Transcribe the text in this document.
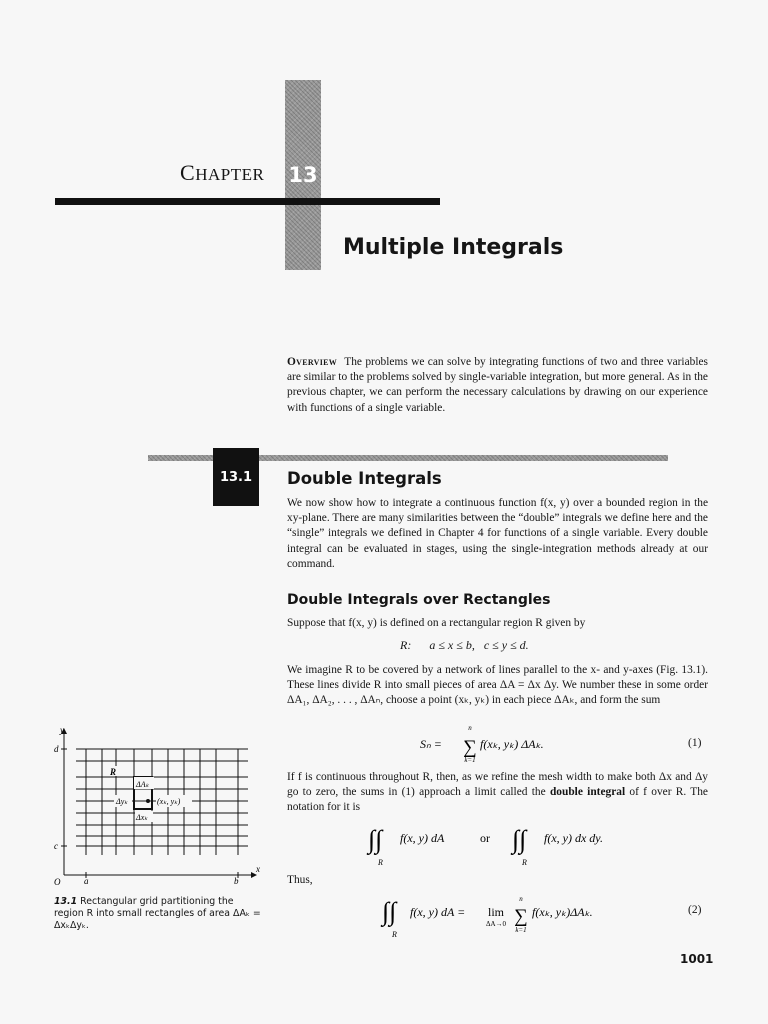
CHAPTER 13
Multiple Integrals
Overview The problems we can solve by integrating functions of two and three variables are similar to the problems solved by single-variable integration, but more general. As in the previous chapter, we can perform the necessary calculations by drawing on our experience with functions of a single variable.
13.1	Double Integrals
We now show how to integrate a continuous function f(x, y) over a bounded region in the xy-plane. There are many similarities between the “double” integrals we define here and the “single” integrals we defined in Chapter 4 for functions of a single variable. Every double integral can be evaluated in stages, using the single-integration methods already at our command.
Double Integrals over Rectangles
Suppose that f(x, y) is defined on a rectangular region R given by
R:      a ≤ x ≤ b,   c ≤ y ≤ d.
We imagine R to be covered by a network of lines parallel to the x- and y-axes (Fig. 13.1). These lines divide R into small pieces of area ΔA = Δx Δy. We number these in some order ΔA₁, ΔA₂, . . . , ΔAₙ, choose a point (xₖ, yₖ) in each piece ΔAₖ, and form the sum
Sₙ =
n
∑
k=1
f(xₖ, yₖ) ΔAₖ.	(1)
If f is continuous throughout R, then, as we refine the mesh width to make both Δx and Δy go to zero, the sums in (1) approach a limit called the double integral of f over R. The notation for it is
∫∫
R
f(x, y) dA	or ∫∫
R
f(x, y) dx dy.
Thus,
∫∫
R
f(x, y) dA = lim
ΔA→0
n
∑
k=1
f(xₖ, yₖ)ΔAₖ.	(2)
y
x
d
c
O	a	b
R
ΔAₖ
Δyₖ
Δxₖ
(xₖ, yₖ)
13.1 Rectangular grid partitioning the region R into small rectangles of area ΔAₖ = ΔxₖΔyₖ.
1001
